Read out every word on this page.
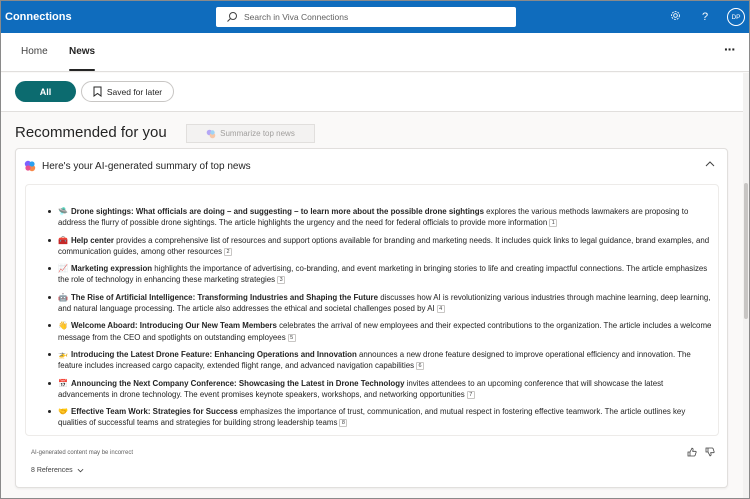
Connections	Search in Viva Connections	?	DP
Home News	···
All	Saved for later
Recommended for you	Summarize top news
Here's your AI-generated summary of top news
🛸 Drone sightings: What officials are doing – and suggesting – to learn more about the possible drone sightings explores the various methods lawmakers are proposing to address the flurry of possible drone sightings. The article highlights the urgency and the need for federal officials to provide more information 1
🧰 Help center provides a comprehensive list of resources and support options available for branding and marketing needs. It includes quick links to legal guidance, brand examples, and communication guides, among other resources 2
📈 Marketing expression highlights the importance of advertising, co-branding, and event marketing in bringing stories to life and creating impactful connections. The article emphasizes the role of technology in enhancing these marketing strategies 3
🤖 The Rise of Artificial Intelligence: Transforming Industries and Shaping the Future discusses how AI is revolutionizing various industries through machine learning, deep learning, and natural language processing. The article also addresses the ethical and societal challenges posed by AI 4
👋 Welcome Aboard: Introducing Our New Team Members celebrates the arrival of new employees and their expected contributions to the organization. The article includes a welcome message from the CEO and spotlights on outstanding employees 5
🚁 Introducing the Latest Drone Feature: Enhancing Operations and Innovation announces a new drone feature designed to improve operational efficiency and innovation. The feature includes increased cargo capacity, extended flight range, and advanced navigation capabilities 6
📅 Announcing the Next Company Conference: Showcasing the Latest in Drone Technology invites attendees to an upcoming conference that will showcase the latest advancements in drone technology. The event promises keynote speakers, workshops, and networking opportunities 7
🤝 Effective Team Work: Strategies for Success emphasizes the importance of trust, communication, and mutual respect in fostering effective teamwork. The article outlines key qualities of successful teams and strategies for building strong leadership teams 8
AI-generated content may be incorrect
8 References
